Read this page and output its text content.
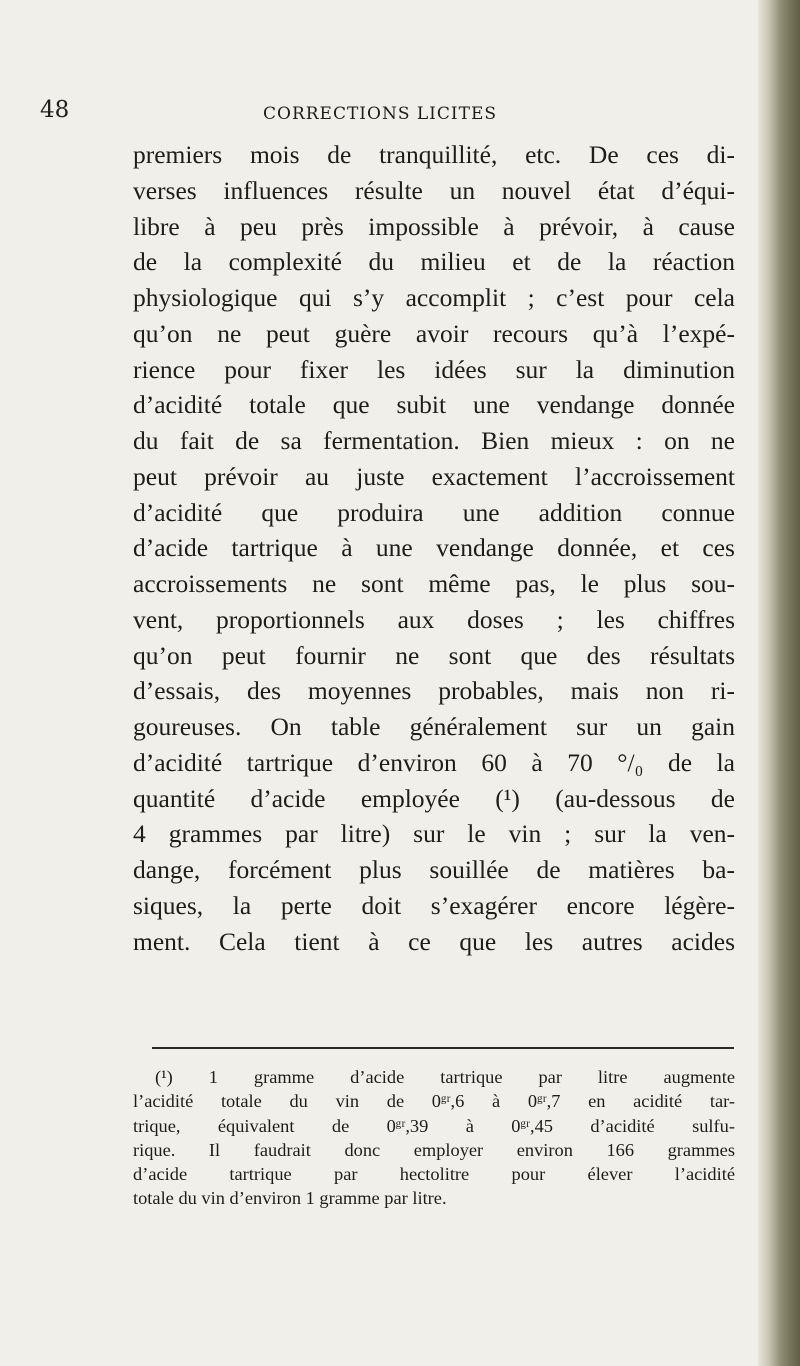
48	CORRECTIONS LICITES
premiers mois de tranquillité, etc. De ces di-
verses influences résulte un nouvel état d’équi-
libre à peu près impossible à prévoir, à cause
de la complexité du milieu et de la réaction
physiologique qui s’y accomplit ; c’est pour cela
qu’on ne peut guère avoir recours qu’à l’expé-
rience pour fixer les idées sur la diminution
d’acidité totale que subit une vendange donnée
du fait de sa fermentation. Bien mieux : on ne
peut prévoir au juste exactement l’accroissement
d’acidité que produira une addition connue
d’acide tartrique à une vendange donnée, et ces
accroissements ne sont même pas, le plus sou-
vent, proportionnels aux doses ; les chiffres
qu’on peut fournir ne sont que des résultats
d’essais, des moyennes probables, mais non ri-
goureuses. On table généralement sur un gain
d’acidité tartrique d’environ 60 à 70 °/₀ de la
quantité d’acide employée (¹) (au-dessous de
4 grammes par litre) sur le vin ; sur la ven-
dange, forcément plus souillée de matières ba-
siques, la perte doit s’exagérer encore légère-
ment. Cela tient à ce que les autres acides
(¹) 1 gramme d’acide tartrique par litre augmente
l’acidité totale du vin de 0ᵍʳ,6 à 0ᵍʳ,7 en acidité tar-
trique, équivalent de 0ᵍʳ,39 à 0ᵍʳ,45 d’acidité sulfu-
rique. Il faudrait donc employer environ 166 grammes
d’acide tartrique par hectolitre pour élever l’acidité
totale du vin d’environ 1 gramme par litre.
